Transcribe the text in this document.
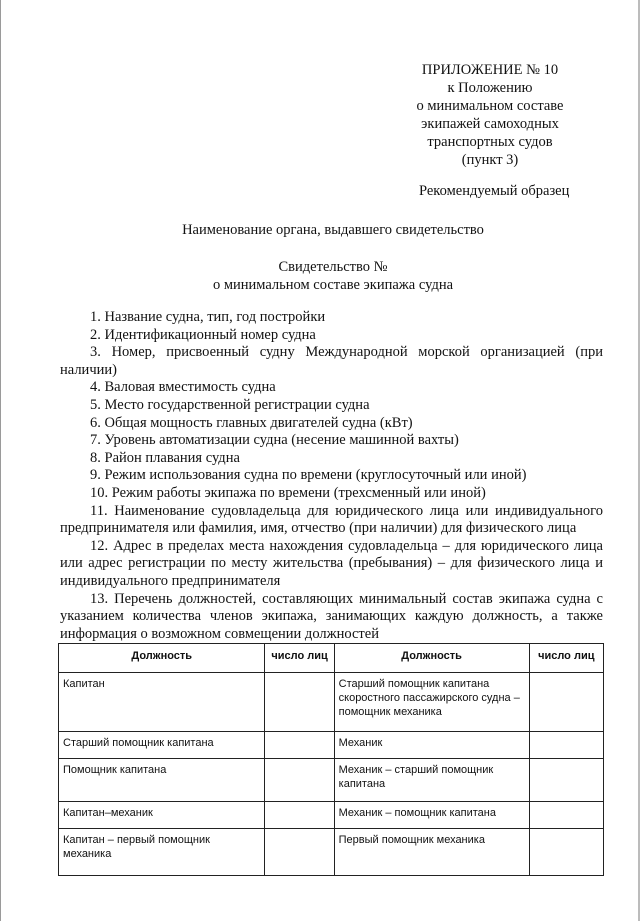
ПРИЛОЖЕНИЕ № 10
к Положению
о минимальном составе
экипажей самоходных
транспортных судов
(пункт 3)
Рекомендуемый образец
Наименование органа, выдавшего свидетельство
Свидетельство №
о минимальном составе экипажа судна
1. Название судна, тип, год постройки
2. Идентификационный номер судна
3. Номер, присвоенный судну Международной морской организацией (при наличии)
4. Валовая вместимость судна
5. Место государственной регистрации судна
6. Общая мощность главных двигателей судна (кВт)
7. Уровень автоматизации судна (несение машинной вахты)
8. Район плавания судна
9. Режим использования судна по времени (круглосуточный или иной)
10. Режим работы экипажа по времени (трехсменный или иной)
11. Наименование судовладельца для юридического лица или индивидуального предпринимателя или фамилия, имя, отчество (при наличии) для физического лица
12. Адрес в пределах места нахождения судовладельца – для юридического лица или адрес регистрации по месту жительства (пребывания) – для физического лица и индивидуального предпринимателя
13. Перечень должностей, составляющих минимальный состав экипажа судна с указанием количества членов экипажа, занимающих каждую должность, а также информация о возможном совмещении должностей
Должность	число лиц	Должность	число лиц
Капитан		Старший помощник капитана скоростного пассажирского судна – помощник механика	
Старший помощник капитана		Механик	
Помощник капитана		Механик – старший помощник капитана	
Капитан–механик		Механик – помощник капитана	
Капитан – первый помощник механика		Первый помощник механика	
